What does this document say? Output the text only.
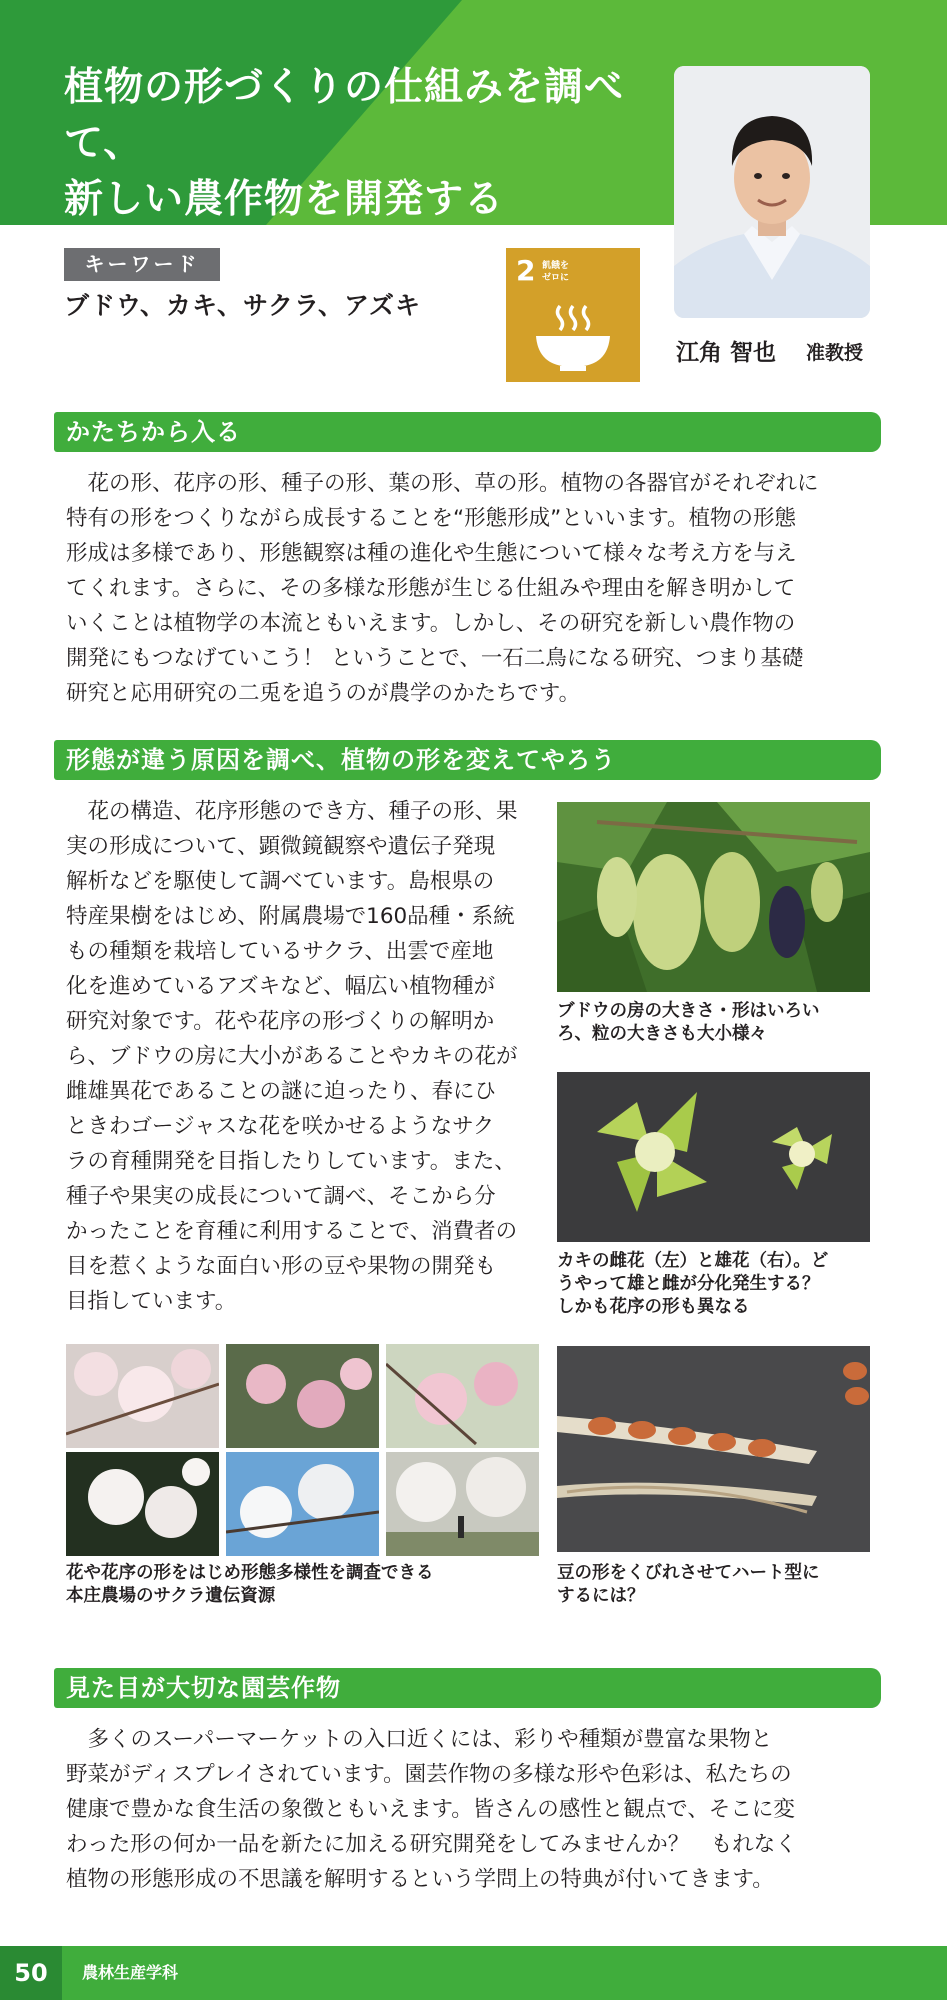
植物の形づくりの仕組みを調べて、
新しい農作物を開発する
江角 智也 准教授
キーワード
ブドウ、カキ、サクラ、アズキ
2 飢餓を
ゼロに
かたちから入る
　花の形、花序の形、種子の形、葉の形、草の形。植物の各器官がそれぞれに
特有の形をつくりながら成長することを“形態形成”といいます。植物の形態
形成は多様であり、形態観察は種の進化や生態について様々な考え方を与え
てくれます。さらに、その多様な形態が生じる仕組みや理由を解き明かして
いくことは植物学の本流ともいえます。しかし、その研究を新しい農作物の
開発にもつなげていこう！ ということで、一石二鳥になる研究、つまり基礎
研究と応用研究の二兎を追うのが農学のかたちです。
形態が違う原因を調べ、植物の形を変えてやろう
　花の構造、花序形態のでき方、種子の形、果
実の形成について、顕微鏡観察や遺伝子発現
解析などを駆使して調べています。島根県の
特産果樹をはじめ、附属農場で160品種・系統
もの種類を栽培しているサクラ、出雲で産地
化を進めているアズキなど、幅広い植物種が
研究対象です。花や花序の形づくりの解明か
ら、ブドウの房に大小があることやカキの花が
雌雄異花であることの謎に迫ったり、春にひ
ときわゴージャスな花を咲かせるようなサク
ラの育種開発を目指したりしています。また、
種子や果実の成長について調べ、そこから分
かったことを育種に利用することで、消費者の
目を惹くような面白い形の豆や果物の開発も
目指しています。
ブドウの房の大きさ・形はいろい
ろ、粒の大きさも大小様々
カキの雌花（左）と雄花（右）。ど
うやって雄と雌が分化発生する？
しかも花序の形も異なる
花や花序の形をはじめ形態多様性を調査できる
本庄農場のサクラ遺伝資源
豆の形をくびれさせてハート型に
するには？
見た目が大切な園芸作物
　多くのスーパーマーケットの入口近くには、彩りや種類が豊富な果物と
野菜がディスプレイされています。園芸作物の多様な形や色彩は、私たちの
健康で豊かな食生活の象徴ともいえます。皆さんの感性と観点で、そこに変
わった形の何か一品を新たに加える研究開発をしてみませんか？　もれなく
植物の形態形成の不思議を解明するという学問上の特典が付いてきます。
50	農林生産学科
